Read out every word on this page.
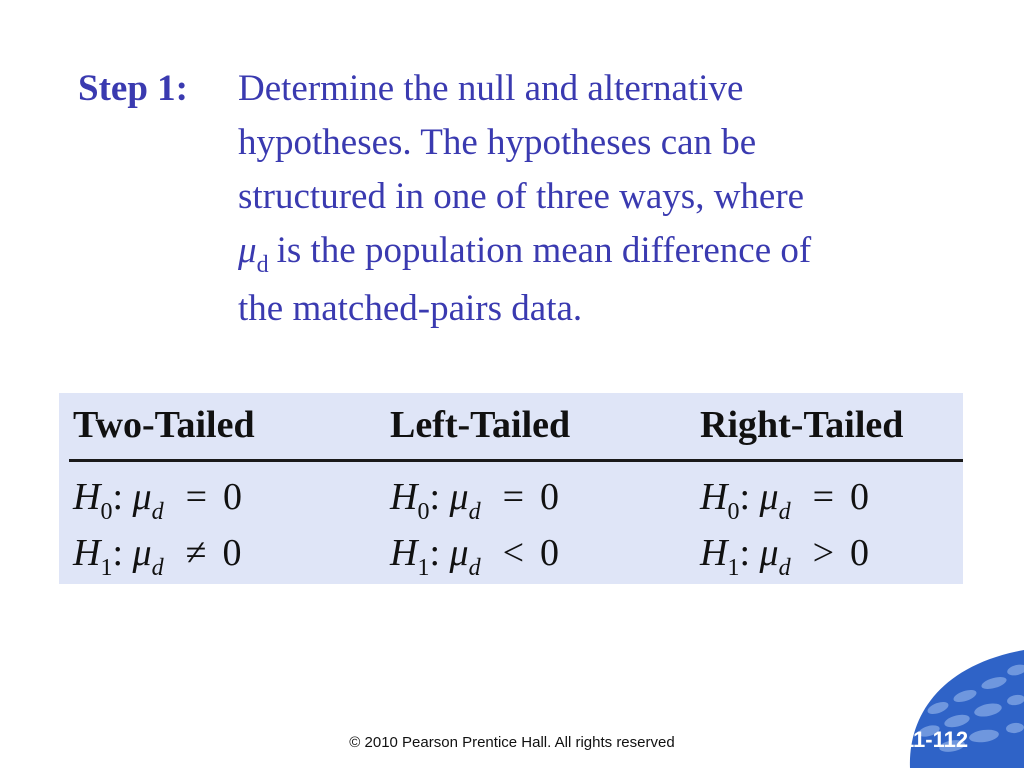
Step 1: Determine the null and alternative
hypotheses. The hypotheses can be
structured in one of three ways, where
$\mu_d$ is the population mean difference of
the matched-pairs data.
Two-Tailed
$H_0$: $\mu_d = 0$
$H_1$: $\mu_d \ne 0$
Left-Tailed
$H_0$: $\mu_d = 0$
$H_1$: $\mu_d < 0$
Right-Tailed
$H_0$: $\mu_d = 0$
$H_1$: $\mu_d > 0$
© 2010 Pearson Prentice Hall. All rights reserved	11-112
